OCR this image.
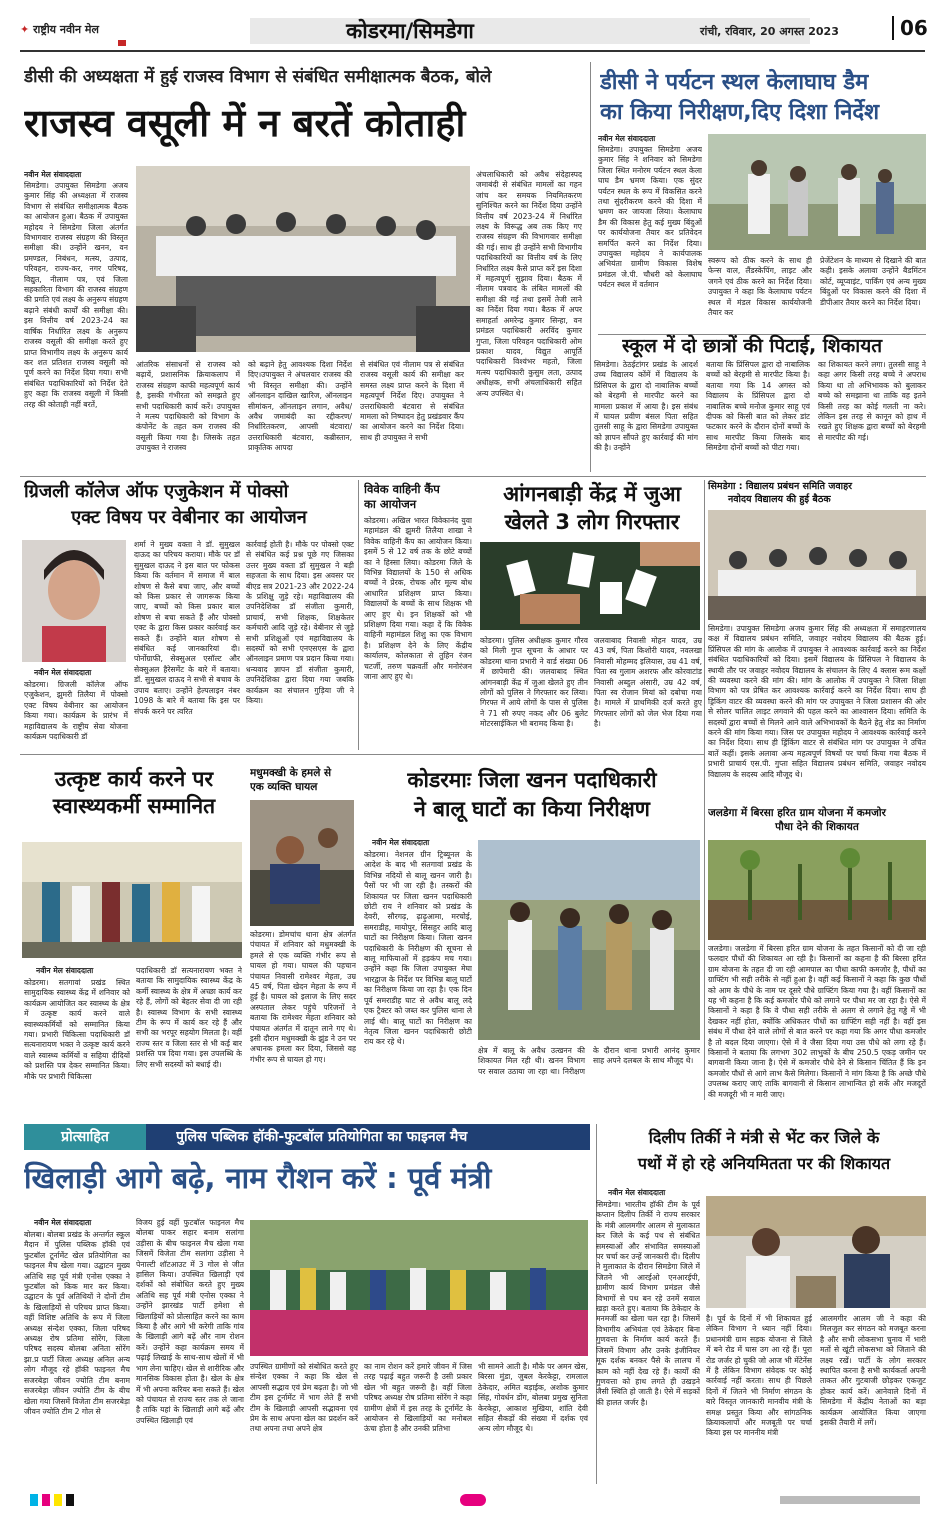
✦ राष्ट्रीय नवीन मेल	कोडरमा/सिमडेगा	रांची, रविवार, 20 अगस्त 2023	06
डीसी की अध्यक्षता में हुई राजस्व विभाग से संबंधित समीक्षात्मक बैठक, बोले
राजस्व वसूली में न बरतें कोताही
नवीन मेल संवाददाता
सिमडेगा। उपायुक्त सिमडेगा अजय कुमार सिंह की अध्यक्षता में राजस्व विभाग से संबंधित समीक्षात्मक बैठक का आयोजन हुआ। बैठक में उपायुक्त महोदय ने सिमडेगा जिला अंतर्गत विभागवार राजस्व संग्रहण की विस्तृत समीक्षा की। उन्होंने खनन, वन प्रमण्डल, निबंधन, मत्स्य, उत्पाद, परिवहन, राज्य-कर, नगर परिषद, विद्युत, नीलाम पत्र, एवं जिला सहकारिता विभाग की राजस्व संग्रहण की प्रगति एवं लक्ष्य के अनुरूप संग्रहण बढ़ाने संबंधी कार्यों की समीक्षा की। इस वित्तीय वर्ष 2023-24 का वार्षिक निर्धारित लक्ष्य के अनुरूप राजस्व वसूली की समीक्षा करते हुए प्राप्त विभागीय लक्ष्य के अनुरूप कार्य कर शत प्रतिशत राजस्व वसूली को पूर्ण करने का निर्देश दिया गया। सभी संबंधित पदाधिकारियों को निर्देश देते हुए कहा कि राजस्व वसूली में किसी तरह की कोताही नहीं बरतें,
आंतरिक संसाधनों से राजस्व को बढ़ायें, प्रशासनिक क्रियाकलाप में राजस्व संग्रहण काफी महत्वपूर्ण कार्य है, इसकी गंभीरता को समझते हुए सभी पदाधिकारी कार्य करें। उपायुक्त ने मत्स्य पदाधिकारी को विभाग के कंपोनेंट के तहत कम राजस्व की वसूली किया गया है। जिसके तहत उपायुक्त ने राजस्व
को बढ़ाने हेतु आवश्यक दिशा निर्देश दिए।उपायुक्त ने अंचलवार राजस्व की भी विस्तृत समीक्षा की। उन्होंने ऑनलाइन दाखिल खारिज, ऑनलाइन सीमांकन, ऑनलाइन लगान, अवैध/अवैध जमाबंदी का रद्दीकरण/निर्धारितकरण, आपसी बंटवारा/उत्तराधिकारी बंटवारा, कब्रीस्तान, प्राकृतिक आपदा
से संबंधित एवं नीलाम पत्र से संबंधित राजस्व वसूली कार्य की समीक्षा कर समस्त लक्ष्य प्राप्त करने के दिशा में महत्वपूर्ण निर्देश दिए। उपायुक्त ने उत्तराधिकारी बंटवारा से संबंधित मामला को निष्पादन हेतु प्रखंडवार कैंप का आयोजन करने का निर्देश दिया। साथ ही उपायुक्त ने सभी
अंचलाधिकारी को अवैध संदेहास्पद जमाबंदी से संबंधित मामलों का गहन जांच कर समयक नियमितकरण सुनिश्चित करने का निर्देश दिया उन्होंने वित्तीय वर्ष 2023-24 में निर्धारित लक्ष्य के विरूद्ध अब तक किए गए राजस्व संग्रहण की विभागवार समीक्षा की गई। साथ ही उन्होंने सभी विभागीय पदाधिकारियों का वित्तीय वर्ष के लिए निर्धारित लक्ष्य कैसे प्राप्त करें इस दिशा में महत्वपूर्ण सुझाव दिया। बैठक में नीलाम पत्रवाद के लंबित मामलों की समीक्षा की गई तथा इसमें तेजी लाने का निर्देश दिया गया। बैठक में अपर समाहर्ता अमरेन्द्र कुमार सिन्हा, वन प्रमंडल पदाधिकारी अरविंद कुमार गुप्ता, जिला परिवहन पदाधिकारी ओम प्रकाश यादव, विद्युत आपूर्ति पदाधिकारी विश्वंभर महतो, जिला मत्स्य पदाधिकारी कुसुम लता, उत्पाद अधीक्षक, सभी अंचलाधिकारी सहित अन्य उपस्थित थे।
डीसी ने पर्यटन स्थल केलाघाघ डैम
का किया निरीक्षण,दिए दिशा निर्देश
नवीन मेल संवाददाता
सिमडेगा। उपायुक्त सिमडेगा अजय कुमार सिंह ने शनिवार को सिमडेगा जिला स्थित मनोरम पर्यटन स्थल केला घाघ डैम भ्रमण किया। एक सुंदर पर्यटन स्थल के रूप में विकसित करने तथा सुंदरीकरण करने की दिशा में भ्रमण कर जायजा लिया। केलाघाघ डैम की विकास हेतु कई मुख्य बिंदुओं पर कार्ययोजना तैयार कर प्रतिवेदन समर्पित करने का निर्देश दिया। उपायुक्त महोदय ने कार्यपालक अभियंता ग्रामीण विकास विशेष प्रमंडल जे.पी. चौधरी को केलाघाघ पर्यटन स्थल में वर्तमान
स्वरूप को ठीक करने के साथ ही फेन्स वाल, लैंडस्केपिंग, लाइट और जगने एवं ठीक करने का निर्देश दिया। उपायुक्त ने कहा कि केलाघाघ पर्यटन स्थल में मंडल विकास कार्ययोजनी तैयार कर
प्रेजेंटेशन के माध्यम से दिखाने की बात कही। इसके अलावा उन्होंने बैडमिंटन कोर्ट, व्यूप्वाइंट, पार्किंग एवं अन्य मुख्य बिंदुओं पर विकास करने की दिशा में डीपीआर तैयार करने का निर्देश दिया।
स्कूल में दो छात्रों की पिटाई, शिकायत
सिमडेगा। ठेठईटांगर प्रखंड के आदर्श उच्च विद्यालय कोंमें में विद्यालय के प्रिंसिपल के द्वारा दो नाबालिक बच्चों को बेरहमी से मारपीट करने का मामला प्रकाश में आया है। इस संबंध में घायल प्रवीण बंसल पिता सहित तुलसी साहू के द्वारा सिमडेगा उपायुक्त को ज्ञापन सौंपते हुए कार्रवाई की मांग की है। उन्होंने
बताया कि प्रिंसिपल द्वारा दो नाबालिक बच्चों को बेरहमी से मारपीट किया है। बताया गया कि 14 अगस्त को विद्यालय के प्रिंसिपल द्वारा दो नाबालिक बच्चे मनोज कुमार साहू एवं दीपक को किसी बात को लेकर डांट फटकार करने के दौरान दोनों बच्चों के साथ मारपीट किया जिसके बाद सिमडेगा दोनों बच्चों को पीटा गया।
का शिकायत करने लगा। तुलसी साहू ने कहा अगर किसी तरह बच्चे ने अपराध किया था तो अभिभावक को बुलाकर बच्चे को समझाना था ताकि वह इतने किसी तरह का कोई गलती ना करे। लेकिन इस तरह से कानून को हाथ में रखते हुए शिक्षक द्वारा बच्चों को बेरहमी से मारपीट की गई।
ग्रिजली कॉलेज ऑफ एजुकेशन में पोक्सो
एक्ट विषय पर वेबीनार का आयोजन
नवीन मेल संवाददाता
कोडरमा। ग्रिजली कॉलेज ऑफ एजुकेशन, झुमरी तिलैया में पोक्सो एक्ट विषय वेबीनार का आयोजन किया गया। कार्यक्रम के प्रारंभ में महाविद्यालय के राष्ट्रीय सेवा योजना कार्यक्रम पदाधिकारी डॉ
शर्मा ने मुख्य वक्ता ने डॉ. सुमुखल दाऊद का परिचय कराया। मौके पर डॉ सुमुखल दाऊद ने इस बात पर फोकस किया कि वर्तमान में समाज में बाल शोषण से कैसे बचा जाए, और बच्चों को किस प्रकार से जागरूक किया जाए, बच्चों को किस प्रकार बाल शोषण से बचा सकते हैं और पोक्सो एक्ट के द्वारा किस प्रकार कार्रवाई कर सकते हैं। उन्होंने बाल शोषण से संबंधित कई जानकारियां दी। पोर्नोग्राफी, सेक्सुअल एसॉल्ट और सेक्सुअल हैरेसमेंट के बारे में बताया। डॉ. सुमुखल दाऊद ने सभी से बचाव के उपाय बताए। उन्होंने हेल्पलाइन नंबर 1098 के बारे में बताया कि इस पर संपर्क करने पर त्वरित
कार्रवाई होती है। मौके पर पोक्सो एक्ट से संबंधित कई प्रश्न पूछे गए जिसका उत्तर मुख्य वक्ता डॉ सुमुखल ने बड़ी सहजता के साथ दिया। इस अवसर पर बीएड सत्र 2021-23 और 2022-24 के प्रशिक्षु जुड़े रहे। महाविद्यालय की उपनिदेशिका डॉ संजीता कुमारी, प्राचार्य, सभी शिक्षक, शिक्षकेतर कर्मचारी आदि जुड़े रहे। वेबीनार से जुड़े सभी प्रशिक्षुओं एवं महाविद्यालय के सदस्यों को सभी एनएसएस के द्वारा ऑनलाइन प्रमाण पत्र प्रदान किया गया। धन्यवाद ज्ञापन डॉ संजीता कुमारी, उपनिदेशिका द्वारा दिया गया जबकि कार्यक्रम का संचालन गुड़िया जी ने किया।
विवेक वाहिनी कैंप
का आयोजन
कोडरमा। अखिल भारत विवेकानंद युवा महामंडल की झुमरी तिलैया शाखा ने विवेक वाहिनी कैंप का आयोजन किया। इसमें 5 से 12 वर्ष तक के छोटे बच्चों का ने हिस्सा लिया। कोडरमा जिले के विभिन्न विद्यालयों के 150 से अधिक बच्चों ने प्रेरक, रोचक और मूल्य बोध आधारित प्रशिक्षण प्राप्त किया। विद्यालयों के बच्चों के साथ शिक्षक भी आए हुए थे। इन शिक्षकों को भी प्रशिक्षण दिया गया। कहा दें कि विवेक वाहिनी महामंडल शिशु का एक विभाग है। प्रशिक्षण देने के लिए केंद्रीय कार्यालय, कोलकाता से तुहिन रंजन चटर्जी, तरुण चक्रवर्ती और मनोरंजन जाना आए हुए थे।
आंगनबाड़ी केंद्र में जुआ
खेलते 3 लोग गिरफ्तार
कोडरमा। पुलिस अधीक्षक कुमार गौरव को मिली गुप्त सूचना के आधार पर कोडरमा थाना प्रभारी ने वार्ड संख्या 06 में छापेमारी की। जलवाबाद स्थित आंगनबाड़ी केंद्र में जुआ खेलते हुए तीन लोगों को पुलिस ने गिरफ्तार कर लिया। गिरफ्त में आये लोगों के पास से पुलिस ने 71 सौ रुपए नकद और 06 बुलेट मोटरसाईकिल भी बरामद किया है।
जलवाबाद निवासी मोहन यादव, उम्र 43 वर्ष, पिता किशोरी यादव, नवलखा निवासी मोहम्मद इलियास, उम्र 41 वर्ष, पिता स्व गुलाम अशरफ और कोरवाटांड निवासी अब्दुल अंसारी, उम्र 42 वर्ष, पिता स्व रोजान मियां को दबोचा गया है। मामले में प्राथमिकी दर्ज करते हुए गिरफ्तार लोगों को जेल भेज दिया गया है।
सिमडेगा : विद्यालय प्रबंधन समिति जवाहर
नवोदय विद्यालय की हुई बैठक
सिमडेगा। उपायुक्त सिमडेगा अजय कुमार सिंह की अध्यक्षता में समाहरणालय कक्ष में विद्यालय प्रबंधन समिति, जवाहर नवोदय विद्यालय की बैठक हुई। प्रिंसिपल की मांग के आलोक में उपायुक्त ने आवश्यक कार्रवाई करने का निर्देश संबंधित पदाधिकारियों को दिया। इसमें विद्यालय के प्रिंसिपल ने विद्यालय के स्थायी तौर पर जवाहर नवोदय विद्यालय के संचालन के लिए 4 क्लास रूम कक्षों की व्यवस्था करने की मांग की। मांग के आलोक में उपायुक्त ने जिला शिक्षा विभाग को पत्र प्रेषित कर आवश्यक कार्रवाई करने का निर्देश दिया। साथ ही ड्रिकिंग वाटर की व्यवस्था करने की मांग पर उपायुक्त ने जिला प्रशासन की ओर से सोलर चालित लाइट लगवाने की पहल करने का आश्वासन दिया। समिति के सदस्यों द्वारा बच्चों से मिलने आने वाले अभिभावकों के बैठने हेतु शेड का निर्माण करने की मांग किया गया। जिस पर उपायुक्त महोदय ने आवश्यक कार्रवाई करने का निर्देश दिया। साथ ही ड्रिंकिंग वाटर से संबंधित मांग पर उपायुक्त ने उचित बातें कहीं। इसके अलावा अन्य महत्वपूर्ण विषयों पर चर्चा किया गया बैठक में प्रभारी प्राचार्य एस.पी. गुप्ता सहित विद्यालय प्रबंधन समिति, जवाहर नवोदय विद्यालय के सदस्य आदि मौजूद थे।
जलडेगा में बिरसा हरित ग्राम योजना में कमजोर
पौधा देने की शिकायत
जलडेगा। जलडेगा में बिरसा हरित ग्राम योजना के तहत किसानों को दी जा रही फलदार पौधों की शिकायत आ रही है। किसानों का कहना है की बिरसा हरित ग्राम योजना के तहत दी जा रही आमपाल का पौधा काफी कमजोर है, पौधों का ग्राफ्टिंग भी सही तरीके से नहीं हुआ है। वहीं कई किसानों ने कहा कि कुछ पौधों को आम के पौधे के नाम पर दूसरे पौधे ग्राफ्टिंग किया गया है। वहीं किसानों का यह भी कहना है कि कई कमजोर पौधे को लगाने पर पौधा मर जा रहा है। ऐसे में किसानों ने कहा है कि वे पौधा सही तरीके से अलग से लगाने हेतु गड्ढे में भी देखकर नहीं होता, क्योंकि अधिकतर पौधों का ग्राफ्टिंग सही नहीं है। वहीं इस संबंध में पौधा देने वाले लोगों से बात करने पर कहा गया कि अगर पौधा कमजोर है तो बदल दिया जाएगा। ऐसे में वे जैसा दिया गया उस पौधे को लगा रहे हैं। किसानों ने बताया कि लगभग 302 लाभुकों के बीच 250.5 एकड़ जमीन पर बागवानी किया जाना है। ऐसे में कमजोर पौधे देने से किसान चिंतित हैं कि इन कमजोर पौधों से आगे लाभ कैसे मिलेगा। किसानों ने मांग किया है कि अच्छे पौधे उपलब्ध कराए जाएं ताकि बागवानी से किसान लाभान्वित हो सकें और मजदूरों की मजदूरी भी न मारी जाए।
उत्कृष्ट कार्य करने पर
स्वास्थ्यकर्मी सम्मानित
नवीन मेल संवाददाता
कोडरमा। सतगावां प्रखंड स्थित सामुदायिक स्वास्थ्य केंद्र में शनिवार को कार्यक्रम आयोजित कर स्वास्थ्य के क्षेत्र में उत्कृष्ट कार्य करने वाले स्वास्थ्यकर्मियों को सम्मानित किया गया। प्रभारी चिकित्सा पदाधिकारी डॉ सत्यनारायण भक्त ने उत्कृष्ट कार्य करने वाले स्वास्थ्य कर्मियों व सहिया दीदियों को प्रशस्ति पत्र देकर सम्मानित किया। मौके पर प्रभारी चिकित्सा
पदाधिकारी डॉ सत्यनारायण भक्त ने बताया कि सामुदायिक स्वास्थ्य केंद्र के कर्मी स्वास्थ्य के क्षेत्र में अच्छा कार्य कर रहे हैं, लोगों को बेहतर सेवा दी जा रही है। स्वास्थ्य विभाग के सभी स्वास्थ्य टीम के रूप में कार्य कर रहे हैं और सभी का भरपूर सहयोग मिलता है। वहीं राज्य स्तर व जिला स्तर से भी कई बार प्रशस्ति पत्र दिया गया। इस उपलब्धि के लिए सभी सदस्यों को बधाई दी।
मधुमक्खी के हमले से
एक व्यक्ति घायल
कोडरमा। डोमचांच थाना क्षेत्र अंतर्गत पंचायत में शनिवार को मधुमक्खी के हमले से एक व्यक्ति गंभीर रूप से घायल हो गया। घायल की पहचान पंचायत निवासी रामेश्वर मेहता, उम्र 45 वर्ष, पिता खेदन मेहता के रूप में हुई है। घायल को इलाज के लिए सदर अस्पताल लेकर पहुंचे परिजनों ने बताया कि रामेश्वर मेहता शनिवार को पंचायत अंतर्गत में दातून लाने गए थे। इसी दौरान मधुमक्खी के झुंड ने उन पर अचानक हमला कर दिया, जिससे वह गंभीर रूप से घायल हो गए।
कोडरमाः जिला खनन पदाधिकारी
ने बालू घाटों का किया निरीक्षण
नवीन मेल संवाददाता
कोडरमा। नेशनल ग्रीन ट्रिब्यूनल के आदेश के बाद भी सतगावां प्रखंड के विभिन्न नदियों से बालू खनन जारी है। पैसों पर भी जा रही है। तस्करों की शिकायत पर जिला खनन पदाधिकारी छोटी राय ने शनिवार को प्रखंड के देवरी, सौरगढ़, ढ़ाढ़ुआमा, मरचोई, समराडीह, मायोपुर, सिसहुर आदि बालू घाटों का निरीक्षण किया। जिला खनन पदाधिकारी के निरीक्षण की सूचना से बालू माफियाओं में हड़कंप मच गया। उन्होंने कहा कि जिला उपायुक्त मेघा भारद्वाज के निर्देश पर विभिन्न बालू घाटों का निरीक्षण किया जा रहा है। एक दिन पूर्व समराडीह घाट से अवैध बालू लदे एक ट्रैक्टर को जब्त कर पुलिस थाना ले लाई थी। बालू घाटों का निरीक्षण का नेतृत्व जिला खनन पदाधिकारी छोटी राय कर रहे थे।
क्षेत्र में बालू के अवैध उत्खनन की शिकायत मिल रही थी। खनन विभाग पर सवाल उठाया जा रहा था। निरीक्षण के दौरान थाना प्रभारी आनंद कुमार साह अपने दलबल के साथ मौजूद थे।
प्रोत्साहित	पुलिस पब्लिक हॉकी-फुटबॉल प्रतियोगिता का फाइनल मैच
खिलाड़ी आगे बढ़े, नाम रौशन करें : पूर्व मंत्री
नवीन मेल संवाददाता
बोलबा। बोलबा प्रखंड के अन्तर्गत स्कूल मैदान में पुलिस पब्लिक हॉकी एवं फुटबॉल टूर्नामेंट खेल प्रतियोगिता का फाइनल मैच खेला गया। उद्घाटन मुख्य अतिथि सह पूर्व मंत्री एनोस एक्का ने फुटबॉल को किक मार कर किया। उद्घाटन के पूर्व अतिथियों ने दोनों टीम के खिलाड़ियों से परिचय प्राप्त किया। वहीं विशिष्ट अतिथि के रूप में जिला अध्यक्ष संन्देश एक्का, जिला परिषद अध्यक्ष रोष प्रतिमा सोरेंग, जिला परिषद सदस्य बोलबा अनिता सोरेंग झा.प्र पार्टी जिला अध्यक्ष अनिल अन्य लोग मौजूद रहे हॉकी फाइनल मैच सजरबेड़ा जीवन ज्योति टीम बनाम सजरबेड़ा जीवन ज्योति टीम के बीच खेला गया जिसमें विजेता टीम सजरबेड़ा जीवन ज्योति टीम 2 गोल से
विजय हुई वहीं फुटबॉल फाइनल मैच बोलबा पाकर सहार बनाम सलांगा उड़ीसा के बीच फाइनल मैच खेला गया जिसमें विजेता टीम सलांगा उड़ीसा ने पेनाल्टी शॉटआउट में 3 गोल से जीत हासिल किया। उपस्थित खिलाड़ी एवं दर्शकों को संबोधित करते हुए मुख्य अतिथि सह पूर्व मंत्री एनोस एक्का ने उन्होंने झारखंड पार्टी हमेशा से खिलाड़ियों को प्रोत्साहित करने का काम किया है और आगे भी करेगी ताकि गांव के खिलाड़ी आगे बढ़ें और नाम रोशन करें। उन्होंने कहा कार्यक्रम समय में पढ़ाई लिखाई के साथ-साथ खेलों में भी भाग लेना चाहिए। खेल से शारीरिक और मानसिक विकास होता है। खेल के क्षेत्र में भी अपना करियर बना सकते हैं। खेल को पंचायत से राज्य स्तर तक ले जाना है ताकि यहां के खिलाड़ी आगे बढ़ें और उपस्थित खिलाड़ी एवं
उपस्थित ग्रामीणों को संबोधित करते हुए संन्देश एक्का ने कहा कि खेल से आपसी सद्भाव एवं प्रेम बढ़ता है। जो भी टीम इस टूर्नामेंट में भाग लेते हैं सभी टीम के खिलाड़ी आपसी सद्भावना एवं प्रेम के साथ अपना खेल का प्रदर्शन करें तथा अपना तथा अपने क्षेत्र
का नाम रोशन करें हमारे जीवन में जिस तरह पढ़ाई बहुत जरूरी है उसी प्रकार खेल भी बहुत जरूरी है। वहीं जिला परिषद अध्यक्ष रोष प्रतिमा सोरेंग ने कहा ग्रामीण क्षेत्रों में इस तरह के टूर्नामेंट के आयोजन से खिलाड़ियों का मनोबल ऊंचा होता है और उनकी प्रतिभा
भी सामने आती है। मौके पर अमन खेस, बिरसा मुंडा, जुबल केरकेट्टा, रामलाल ठेकेदार, अमित बड़ाईक, अशोक कुमार सिंह, गोवर्धन डोंग, बोलबा प्रमुख सुनिता केरकेट्टा, आकाश मुखिया, शांति देवी सहित सैकड़ों की संख्या में दर्शक एवं अन्य लोग मौजूद थे।
दिलीप तिर्की ने मंत्री से भेंट कर जिले के
पथों में हो रहे अनियमितता पर की शिकायत
नवीन मेल संवाददाता
सिमडेगा। भारतीय हॉकी टीम के पूर्व कप्तान दिलीप तिर्की ने राज्य सरकार के मंत्री आलमगीर आलम से मुलाकात कर जिले के कई पथ से संबंधित समस्याओं और संभावित समस्याओं पर चर्चा कर उन्हें जानकारी दी। दिलीप ने मुलाकात के दौरान सिमडेगा जिले में जितने भी आरईओ एनआरईपी, ग्रामीण कार्य विभाग प्रमंडल जैसे विभागों से पथ बन रहे उनमें सवाल खड़ा करते हुए। बताया कि ठेकेदार के मनमर्जी का खेला चल रहा है। जिसमें विभागीय अभियंता एवं ठेकेदार बिना गुणवत्ता के निर्माण कार्य करते हैं। जिसमें विभाग और उनके इंजीनियर मूक दर्शक बनकर पैसे के लालच में काम को नहीं देख रहे हैं। कार्यों की गुणवत्ता को हाथ लगते ही उखड़ने जैसी स्थिति हो जाती है। ऐसे में सड़कों की हालत जर्जर है।
है। पूर्व के दिनों में भी शिकायत हुई लेकिन विभाग ने ध्यान नहीं दिया। प्रधानमंत्री ग्राम सड़क योजना से जिले में बने रोड में घास उग आ रहे हैं। पूरा रोड जर्जर हो चुकी जो आज भी मेंटेनेंस में है लेकिन विभाग संवेदक पर कोई कार्रवाई नहीं करता। साथ ही पिछले दिनों में जितने भी निर्माण संगठन के बारे विस्तृत जानकारी मानवीय मंत्री के समक्ष प्रस्तुत किया और सांगठनिक क्रियाकलापों और मजबूती पर चर्चा किया इस पर माननीय मंत्री
आलमगीर आलम जी ने कहा की मिलजुल कर संगठन को मजबूत करना है और सभी लोकसभा चुनाव में भारी मतों से खूंटी लोकसभा को जिताने की लक्ष्य रखें। पार्टी के लोग सरकार स्थापित करना है सभी कार्यकर्ता अपनी ताकत और गुटबाजी छोड़कर एकजुट होकर कार्य करें। आनेवाले दिनों में सिमडेगा में केंद्रीय नेताओं का बड़ा कार्यक्रम आयोजित किया जाएगा इसकी तैयारी में लगें।
